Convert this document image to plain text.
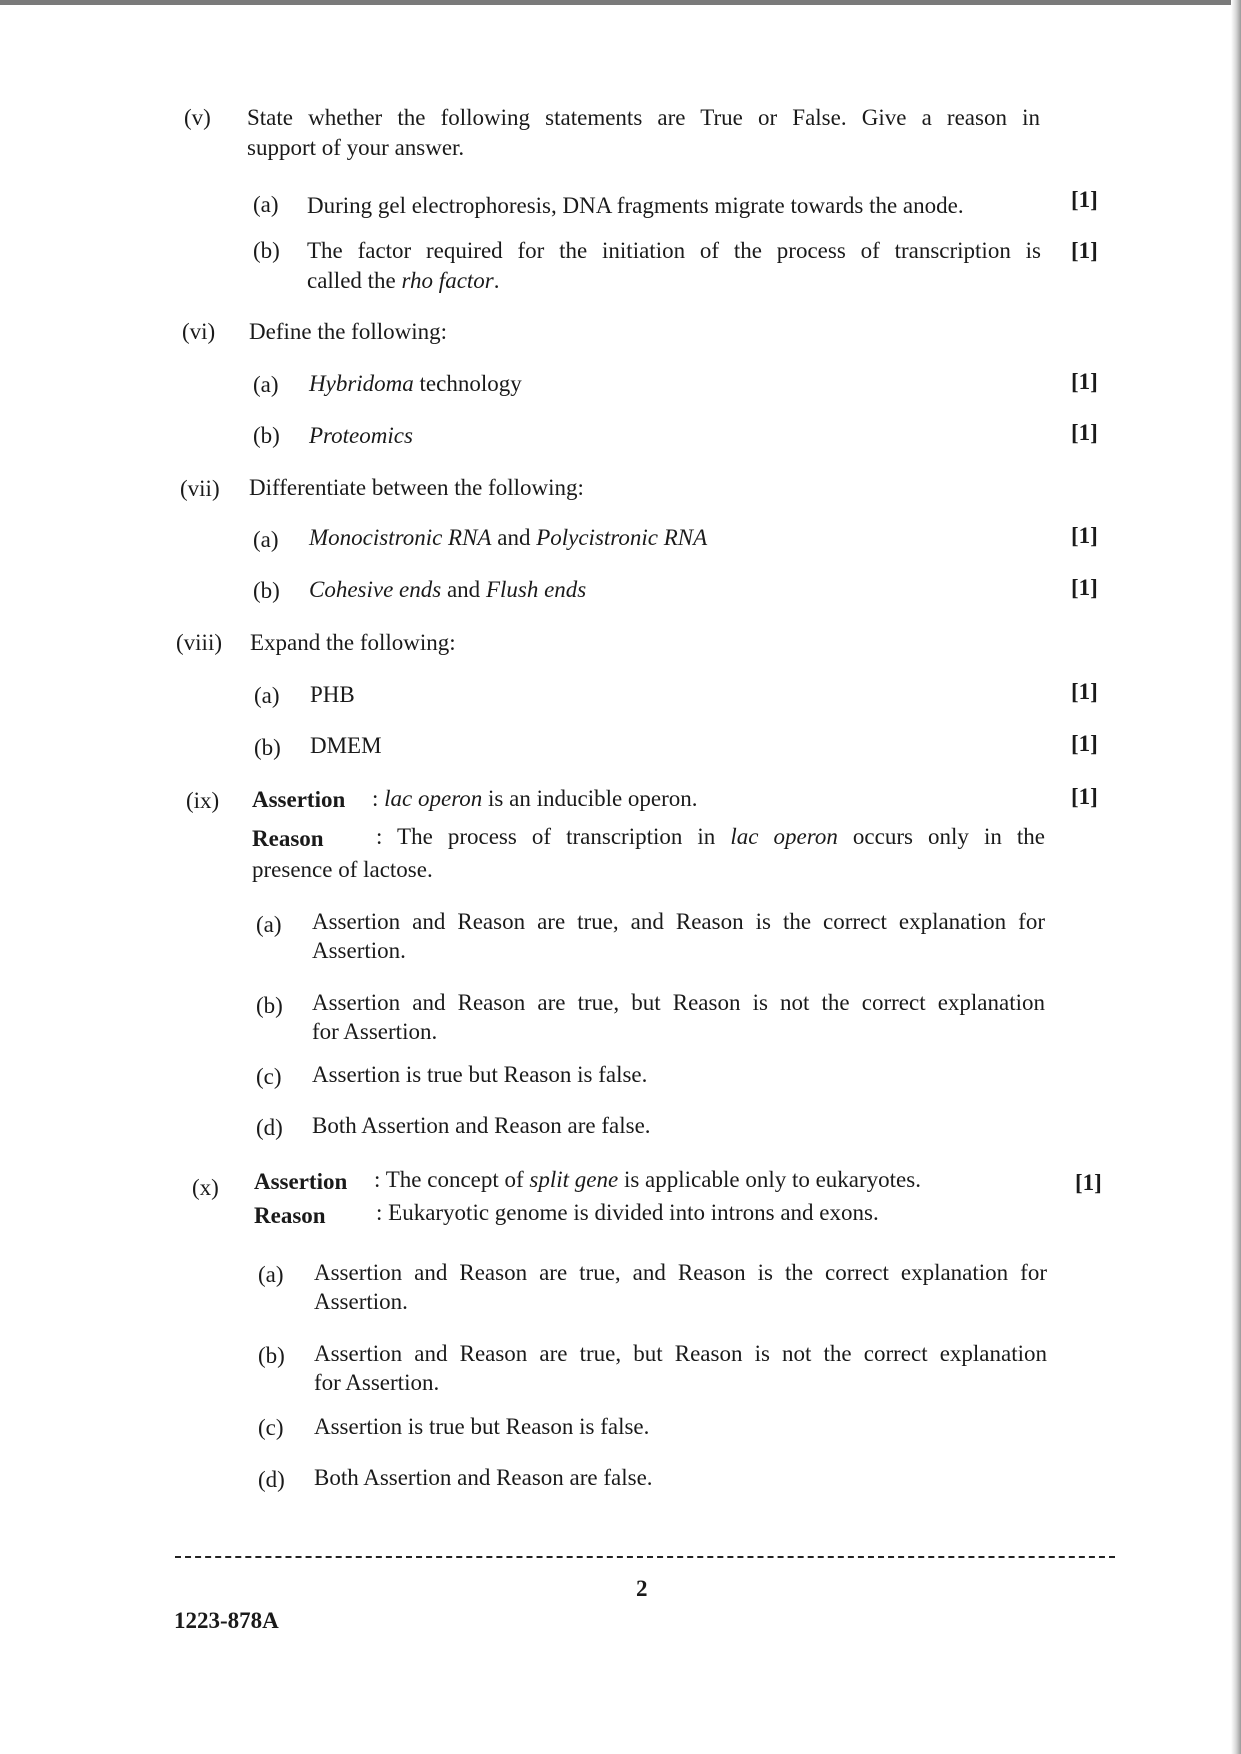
(v) State whether the following statements are True or False. Give a reason in
support of your answer.
(a) During gel electrophoresis, DNA fragments migrate towards the anode.	[1]
(b) The factor required for the initiation of the process of transcription is
called the rho factor.
[1]
(vi) Define the following:
(a) Hybridoma technology	[1]
(b) Proteomics	[1]
(vii) Differentiate between the following:
(a) Monocistronic RNA and Polycistronic RNA	[1]
(b) Cohesive ends and Flush ends	[1]
(viii) Expand the following:
(a) PHB	[1]
(b) DMEM	[1]
(ix) Assertion : lac operon is an inducible operon.	[1]
Reason : The process of transcription in lac operon occurs only in the
presence of lactose.
(a) Assertion and Reason are true, and Reason is the correct explanation for
Assertion.
(b) Assertion and Reason are true, but Reason is not the correct explanation
for Assertion.
(c) Assertion is true but Reason is false.
(d) Both Assertion and Reason are false.
(x) Assertion : The concept of split gene is applicable only to eukaryotes.	[1]
Reason : Eukaryotic genome is divided into introns and exons.
(a) Assertion and Reason are true, and Reason is the correct explanation for
Assertion.
(b) Assertion and Reason are true, but Reason is not the correct explanation
for Assertion.
(c) Assertion is true but Reason is false.
(d) Both Assertion and Reason are false.
2
1223-878A
